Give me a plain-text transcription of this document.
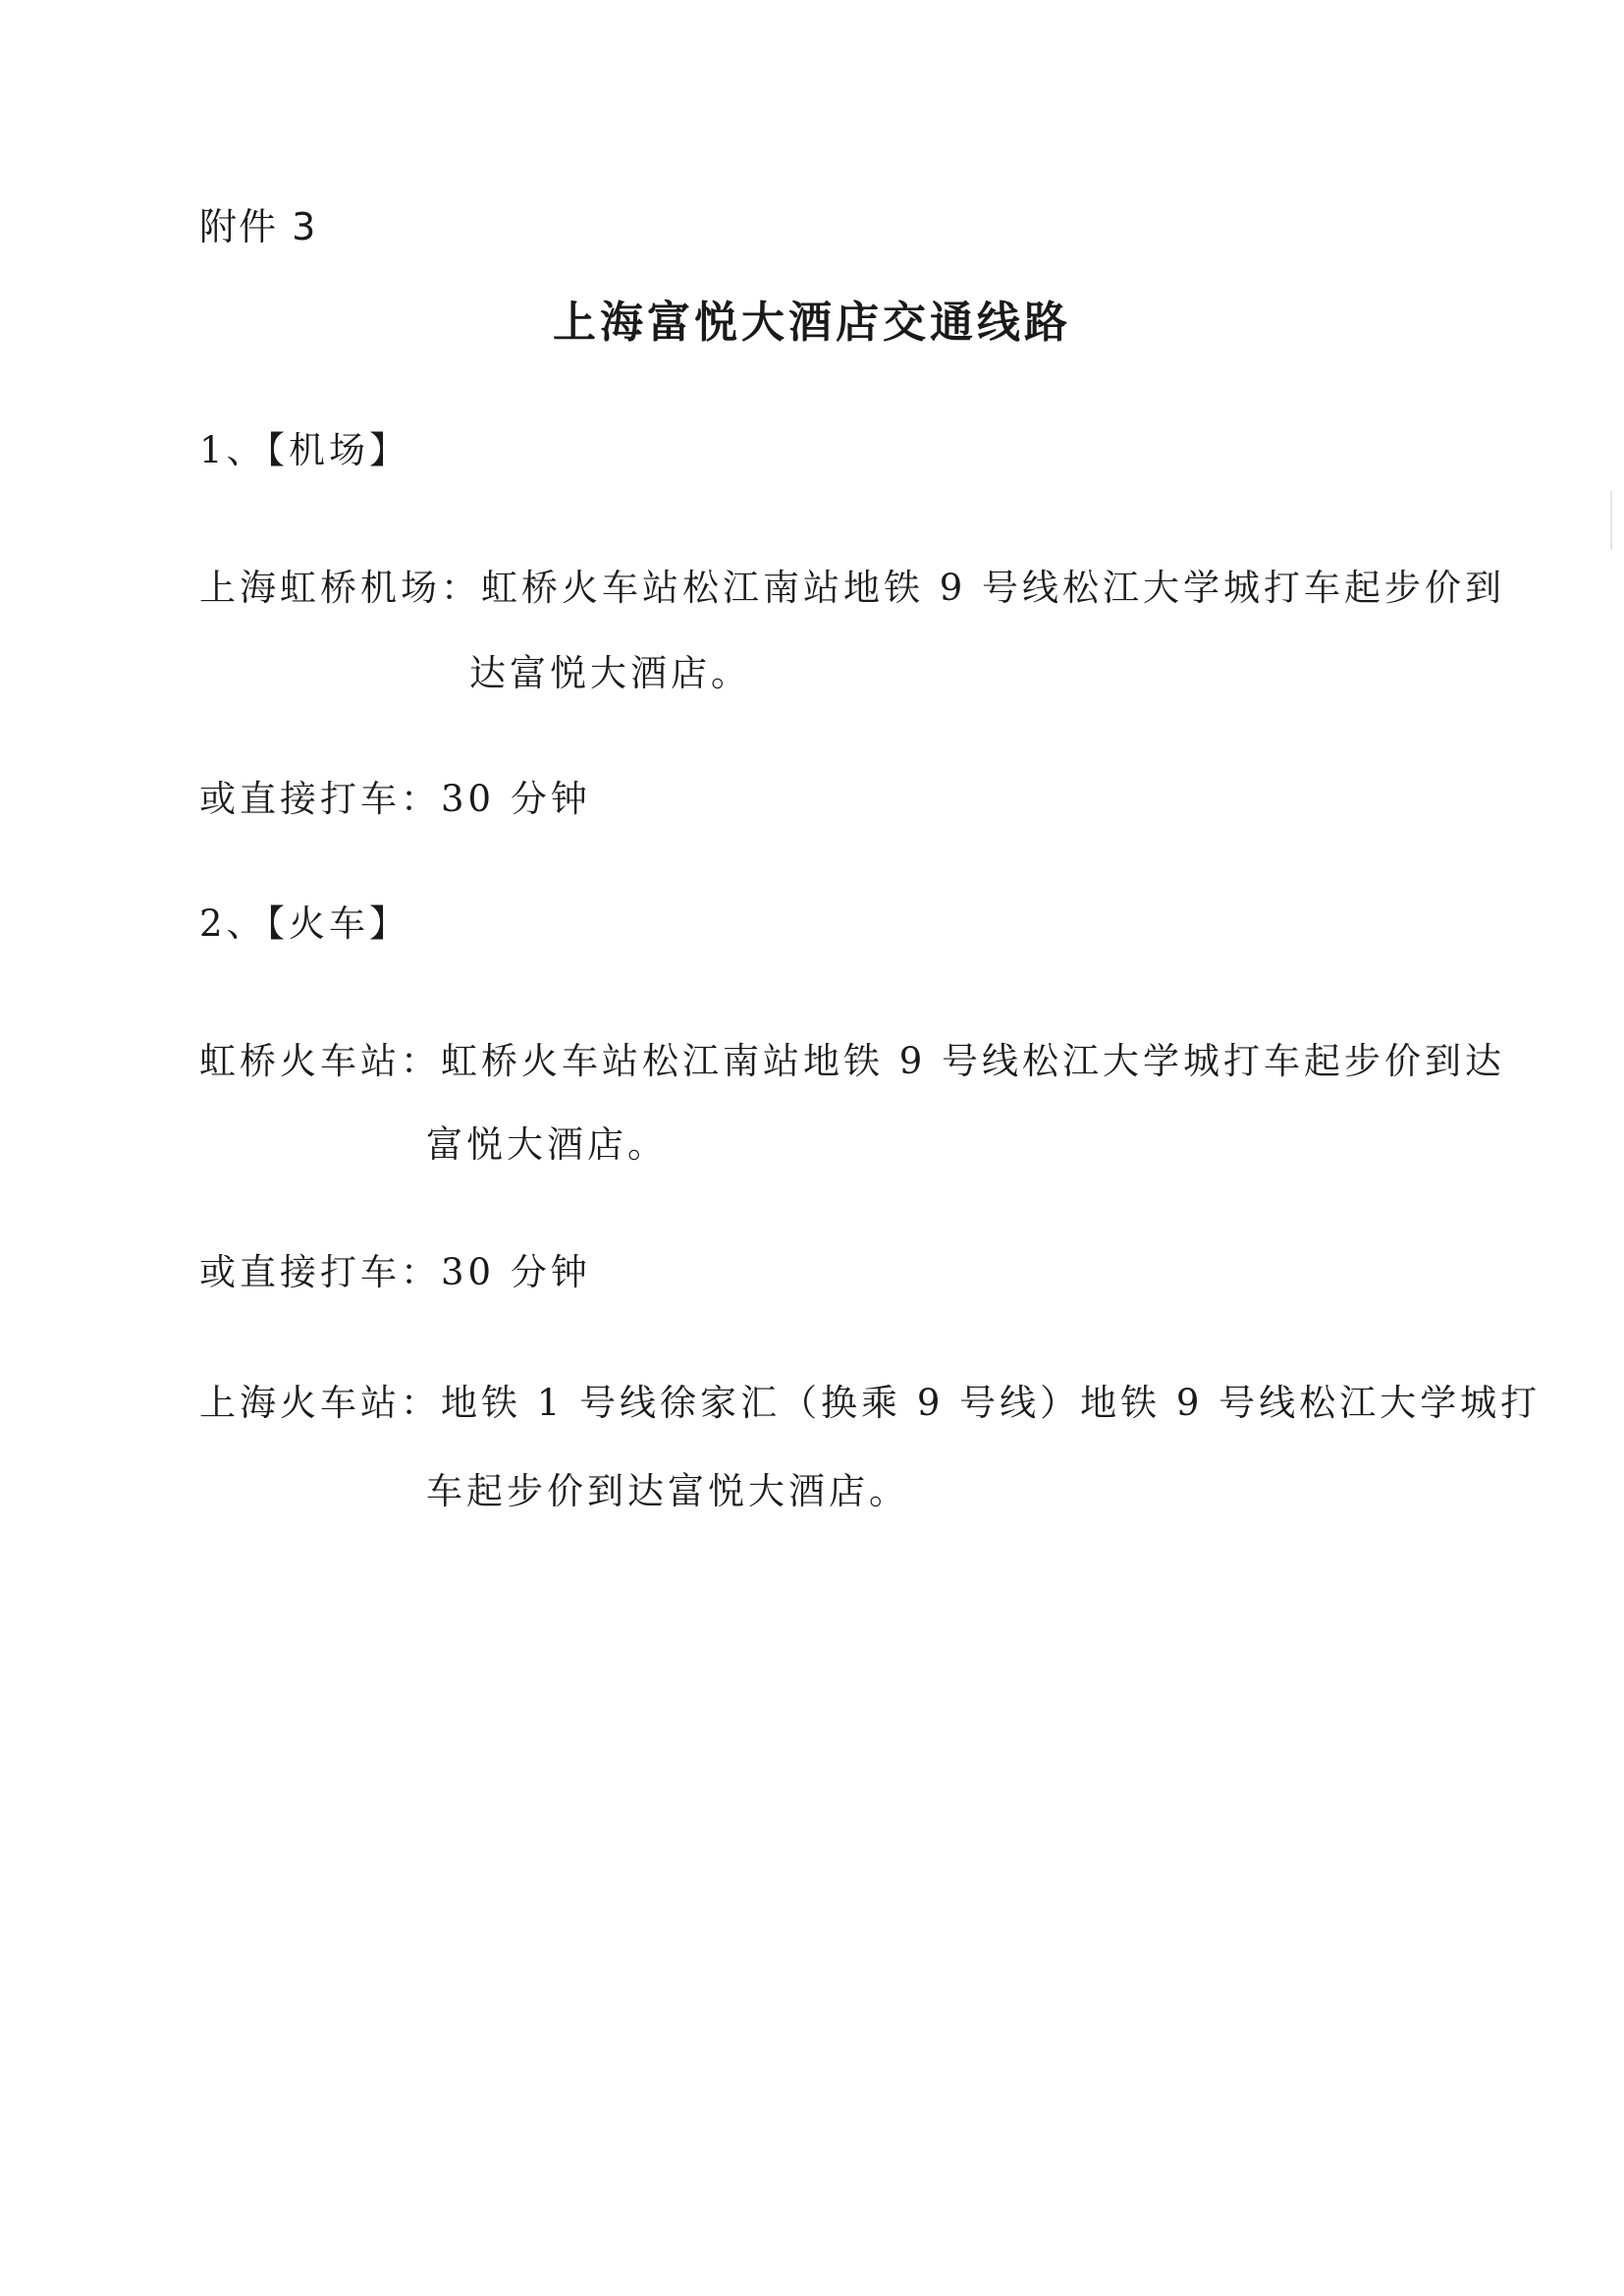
附件 3
上海富悦大酒店交通线路
1、【机场】
上海虹桥机场：虹桥火车站松江南站地铁 9 号线松江大学城打车起步价到
达富悦大酒店。
或直接打车：30 分钟
2、【火车】
虹桥火车站：虹桥火车站松江南站地铁 9 号线松江大学城打车起步价到达
富悦大酒店。
或直接打车：30 分钟
上海火车站：地铁 1 号线徐家汇（换乘 9 号线）地铁 9 号线松江大学城打
车起步价到达富悦大酒店。
